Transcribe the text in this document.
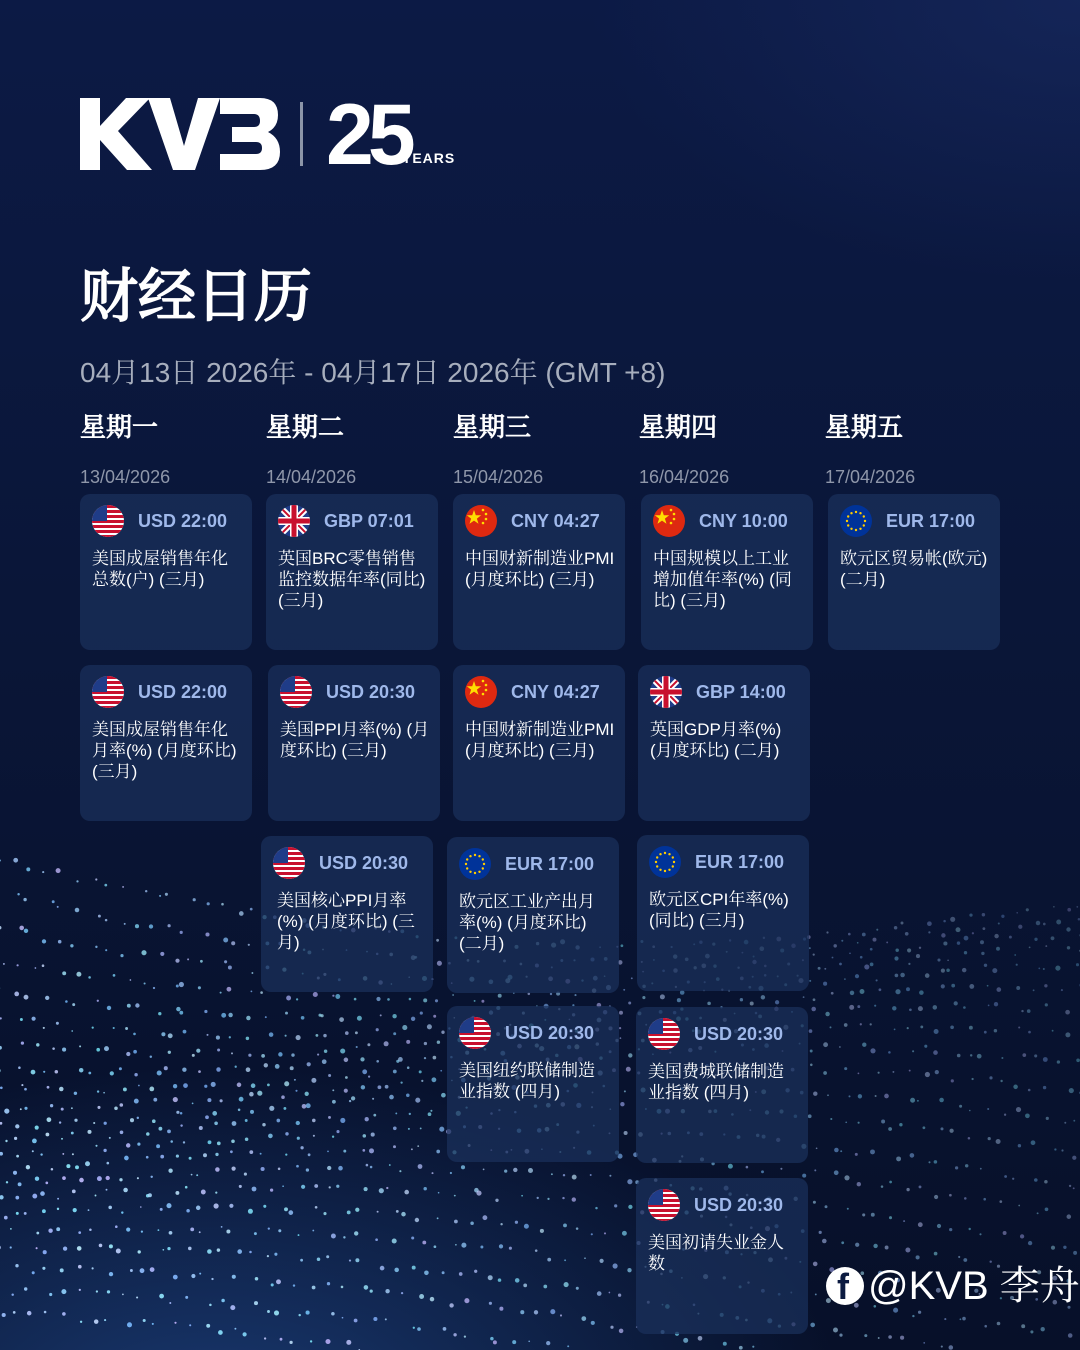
25
YEARS
财经日历
04月13日 2026年 - 04月17日 2026年 (GMT +8)
星期一
13/04/2026
星期二
14/04/2026
星期三
15/04/2026
星期四
16/04/2026
星期五
17/04/2026
USD 22:00
美国成屋销售年化总数(户) (三月)
GBP 07:01
英国BRC零售销售监控数据年率(同比) (三月)
CNY 04:27
中国财新制造业PMI (月度环比) (三月)
CNY 10:00
中国规模以上工业增加值年率(%) (同比) (三月)
EUR 17:00
欧元区贸易帐(欧元) (二月)
USD 22:00
美国成屋销售年化月率(%) (月度环比) (三月)
USD 20:30
美国PPI月率(%) (月度环比) (三月)
CNY 04:27
中国财新制造业PMI (月度环比) (三月)
GBP 14:00
英国GDP月率(%) (月度环比) (二月)
USD 20:30
美国核心PPI月率(%) (月度环比) (三月)
EUR 17:00
欧元区工业产出月率(%) (月度环比) (二月)
EUR 17:00
欧元区CPI年率(%) (同比) (三月)
USD 20:30
美国纽约联储制造业指数 (四月)
USD 20:30
美国费城联储制造业指数 (四月)
USD 20:30
美国初请失业金人数
f @KVB 李舟
